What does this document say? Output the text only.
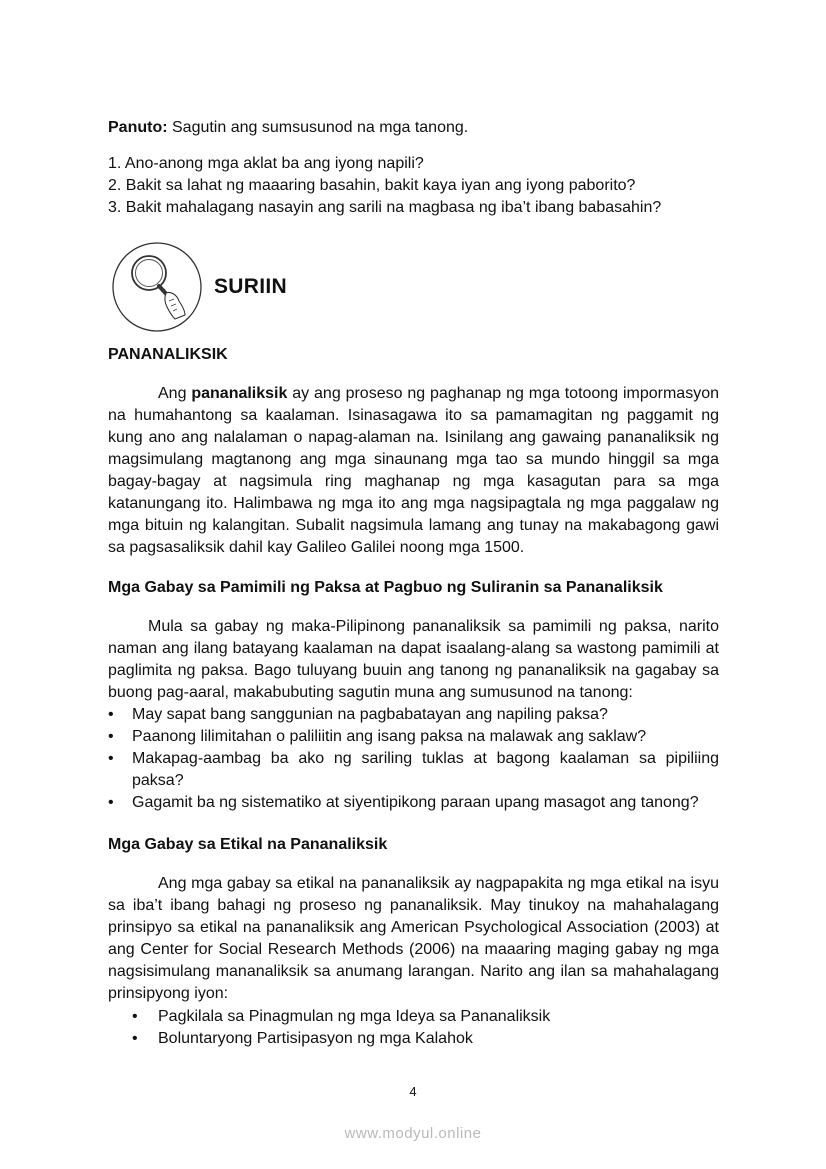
Panuto: Sagutin ang sumsusunod na mga tanong.
1. Ano-anong mga aklat ba ang iyong napili?
2. Bakit sa lahat ng maaaring basahin, bakit kaya iyan ang iyong paborito?
3. Bakit mahalagang nasayin ang sarili na magbasa ng iba’t ibang babasahin?
SURIIN
PANANALIKSIK
Ang pananaliksik ay ang proseso ng paghanap ng mga totoong impormasyon na humahantong sa kaalaman. Isinasagawa ito sa pamamagitan ng paggamit ng kung ano ang nalalaman o napag-alaman na. Isinilang ang gawaing pananaliksik ng magsimulang magtanong ang mga sinaunang mga tao sa mundo hinggil sa mga bagay-bagay at nagsimula ring maghanap ng mga kasagutan para sa mga katanungang ito. Halimbawa ng mga ito ang mga nagsipagtala ng mga paggalaw ng mga bituin ng kalangitan. Subalit nagsimula lamang ang tunay na makabagong gawi sa pagsasaliksik dahil kay Galileo Galilei noong mga 1500.
Mga Gabay sa Pamimili ng Paksa at Pagbuo ng Suliranin sa Pananaliksik
Mula sa gabay ng maka-Pilipinong pananaliksik sa pamimili ng paksa, narito naman ang ilang batayang kaalaman na dapat isaalang-alang sa wastong pamimili at paglimita ng paksa. Bago tuluyang buuin ang tanong ng pananaliksik na gagabay sa buong pag-aaral, makabubuting sagutin muna ang sumusunod na tanong:
• May sapat bang sanggunian na pagbabatayan ang napiling paksa?
• Paanong lilimitahan o paliliitin ang isang paksa na malawak ang saklaw?
• Makapag-aambag ba ako ng sariling tuklas at bagong kaalaman sa pipiliing paksa?
• Gagamit ba ng sistematiko at siyentipikong paraan upang masagot ang tanong?
Mga Gabay sa Etikal na Pananaliksik
Ang mga gabay sa etikal na pananaliksik ay nagpapakita ng mga etikal na isyu sa iba’t ibang bahagi ng proseso ng pananaliksik. May tinukoy na mahahalagang prinsipyo sa etikal na pananaliksik ang American Psychological Association (2003) at ang Center for Social Research Methods (2006) na maaaring maging gabay ng mga nagsisimulang mananaliksik sa anumang larangan. Narito ang ilan sa mahahalagang prinsipyong iyon:
• Pagkilala sa Pinagmulan ng mga Ideya sa Pananaliksik
• Boluntaryong Partisipasyon ng mga Kalahok
4
www.modyul.online
